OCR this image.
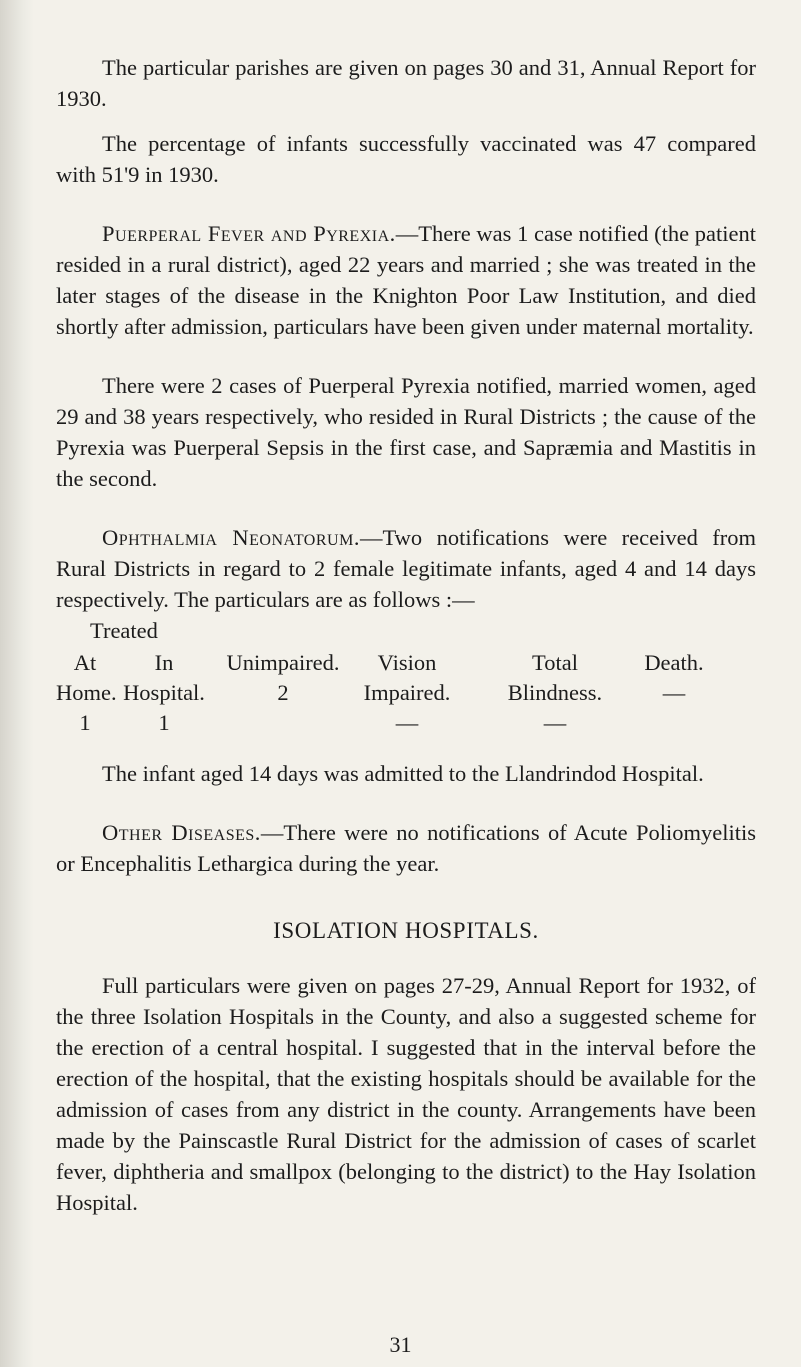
The particular parishes are given on pages 30 and 31, Annual Report for 1930.

The percentage of infants successfully vaccinated was 47 compared with 51'9 in 1930.

Puerperal Fever and Pyrexia.—There was 1 case notified (the patient resided in a rural district), aged 22 years and married ; she was treated in the later stages of the disease in the Knighton Poor Law Institution, and died shortly after admission, particulars have been given under maternal mortality.

There were 2 cases of Puerperal Pyrexia notified, married women, aged 29 and 38 years respectively, who resided in Rural Districts ; the cause of the Pyrexia was Puerperal Sepsis in the first case, and Sapræmia and Mastitis in the second.

Ophthalmia Neonatorum.—Two notifications were received from Rural Districts in regard to 2 female legitimate infants, aged 4 and 14 days respectively. The particulars are as follows :—

Treated
At
Home.
1
In
Hospital.
1
Unimpaired.
2
Vision
Impaired.
—
Total
Blindness.
—
Death.
—

The infant aged 14 days was admitted to the Llandrindod Hospital.

Other Diseases.—There were no notifications of Acute Poliomyelitis or Encephalitis Lethargica during the year.

ISOLATION HOSPITALS.

Full particulars were given on pages 27-29, Annual Report for 1932, of the three Isolation Hospitals in the County, and also a suggested scheme for the erection of a central hospital. I suggested that in the interval before the erection of the hospital, that the existing hospitals should be available for the admission of cases from any district in the county. Arrangements have been made by the Painscastle Rural District for the admission of cases of scarlet fever, diphtheria and smallpox (belonging to the district) to the Hay Isolation Hospital.

31
